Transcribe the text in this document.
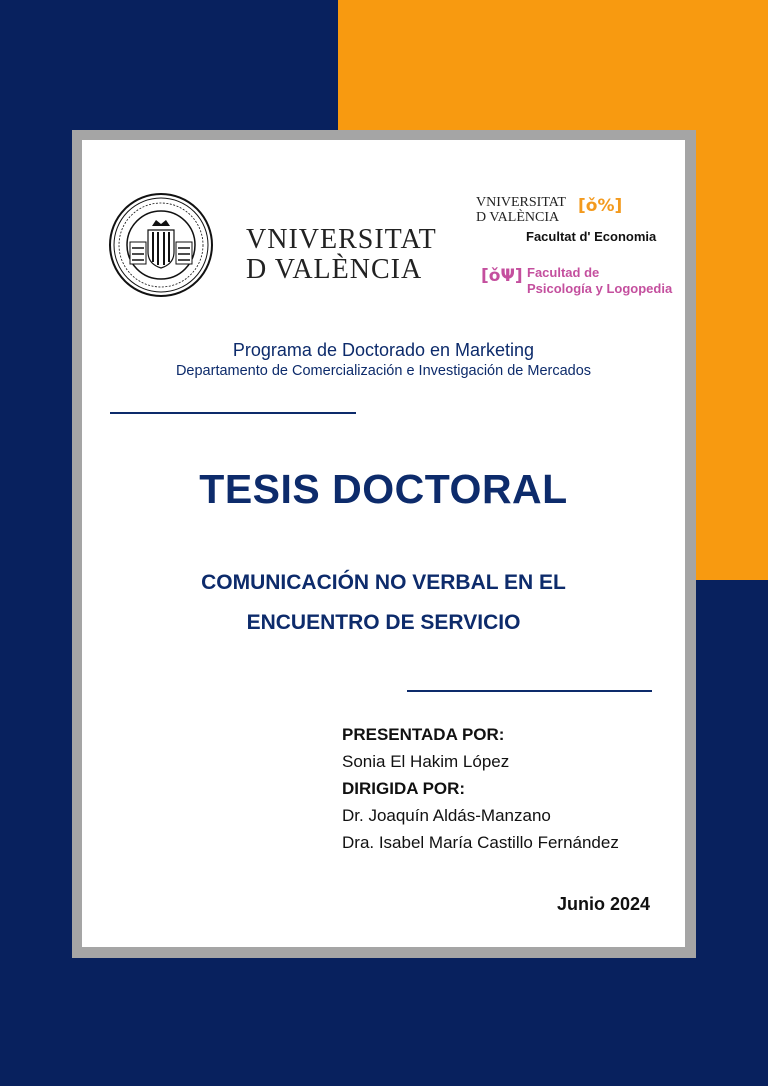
VNIVERSITAT
D VALÈNCIA
VNIVERSITAT
D VALÈNCIA
[ǒ%]
Facultat d' Economia
[ǒΨ] Facultad de
Psicología y Logopedia
Programa de Doctorado en Marketing
Departamento de Comercialización e Investigación de Mercados
TESIS DOCTORAL
COMUNICACIÓN NO VERBAL EN EL
ENCUENTRO DE SERVICIO
PRESENTADA POR:
Sonia El Hakim López
DIRIGIDA POR:
Dr. Joaquín Aldás-Manzano
Dra. Isabel María Castillo Fernández
Junio 2024
